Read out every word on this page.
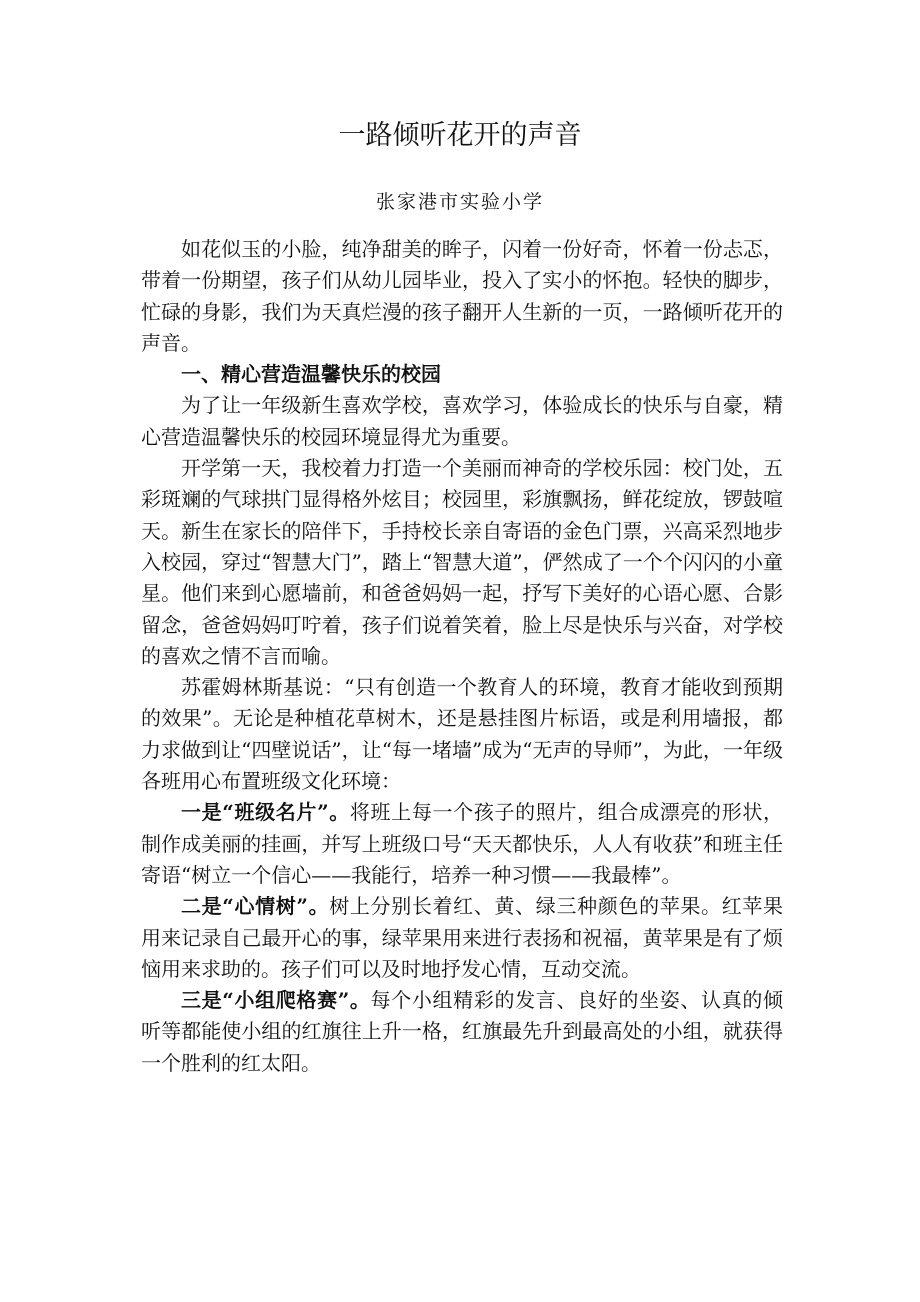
一路倾听花开的声音

张家港市实验小学

如花似玉的小脸，纯净甜美的眸子，闪着一份好奇，怀着一份忐忑，带着一份期望，孩子们从幼儿园毕业，投入了实小的怀抱。轻快的脚步，忙碌的身影，我们为天真烂漫的孩子翻开人生新的一页，一路倾听花开的声音。

一、精心营造温馨快乐的校园

为了让一年级新生喜欢学校，喜欢学习，体验成长的快乐与自豪，精心营造温馨快乐的校园环境显得尤为重要。

开学第一天，我校着力打造一个美丽而神奇的学校乐园：校门处，五彩斑斓的气球拱门显得格外炫目；校园里，彩旗飘扬，鲜花绽放，锣鼓喧天。新生在家长的陪伴下，手持校长亲自寄语的金色门票，兴高采烈地步入校园，穿过“智慧大门”，踏上“智慧大道”，俨然成了一个个闪闪的小童星。他们来到心愿墙前，和爸爸妈妈一起，抒写下美好的心语心愿、合影留念，爸爸妈妈叮咛着，孩子们说着笑着，脸上尽是快乐与兴奋，对学校的喜欢之情不言而喻。

苏霍姆林斯基说：“只有创造一个教育人的环境，教育才能收到预期的效果”。无论是种植花草树木，还是悬挂图片标语，或是利用墙报，都力求做到让“四壁说话”，让“每一堵墙”成为“无声的导师”，为此，一年级各班用心布置班级文化环境：

一是“班级名片”。将班上每一个孩子的照片，组合成漂亮的形状，制作成美丽的挂画，并写上班级口号“天天都快乐，人人有收获”和班主任寄语“树立一个信心——我能行，培养一种习惯——我最棒”。

二是“心情树”。树上分别长着红、黄、绿三种颜色的苹果。红苹果用来记录自己最开心的事，绿苹果用来进行表扬和祝福，黄苹果是有了烦恼用来求助的。孩子们可以及时地抒发心情，互动交流。

三是“小组爬格赛”。每个小组精彩的发言、良好的坐姿、认真的倾听等都能使小组的红旗往上升一格，红旗最先升到最高处的小组，就获得一个胜利的红太阳。
